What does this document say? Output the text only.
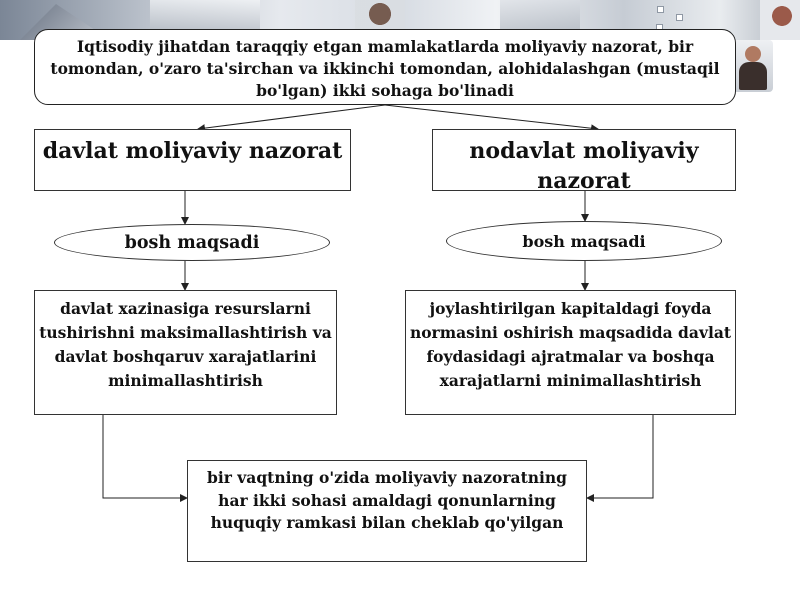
Iqtisodiy jihatdan taraqqiy etgan mamlakatlarda moliyaviy nazorat, bir tomondan, o'zaro ta'sirchan va ikkinchi tomondan, alohidalashgan (mustaqil bo'lgan) ikki sohaga bo'linadi
davlat moliyaviy nazorat	nodavlat moliyaviy nazorat
bosh maqsadi	bosh maqsadi
davlat xazinasiga resurslarni tushirishni maksimallashtirish va davlat boshqaruv xarajatlarini minimallashtirish
joylashtirilgan kapitaldagi foyda normasini oshirish maqsadida davlat foydasidagi ajratmalar va boshqa xarajatlarni minimallashtirish
bir vaqtning o'zida moliyaviy nazoratning har ikki sohasi amaldagi qonunlarning huquqiy ramkasi bilan cheklab qo'yilgan
